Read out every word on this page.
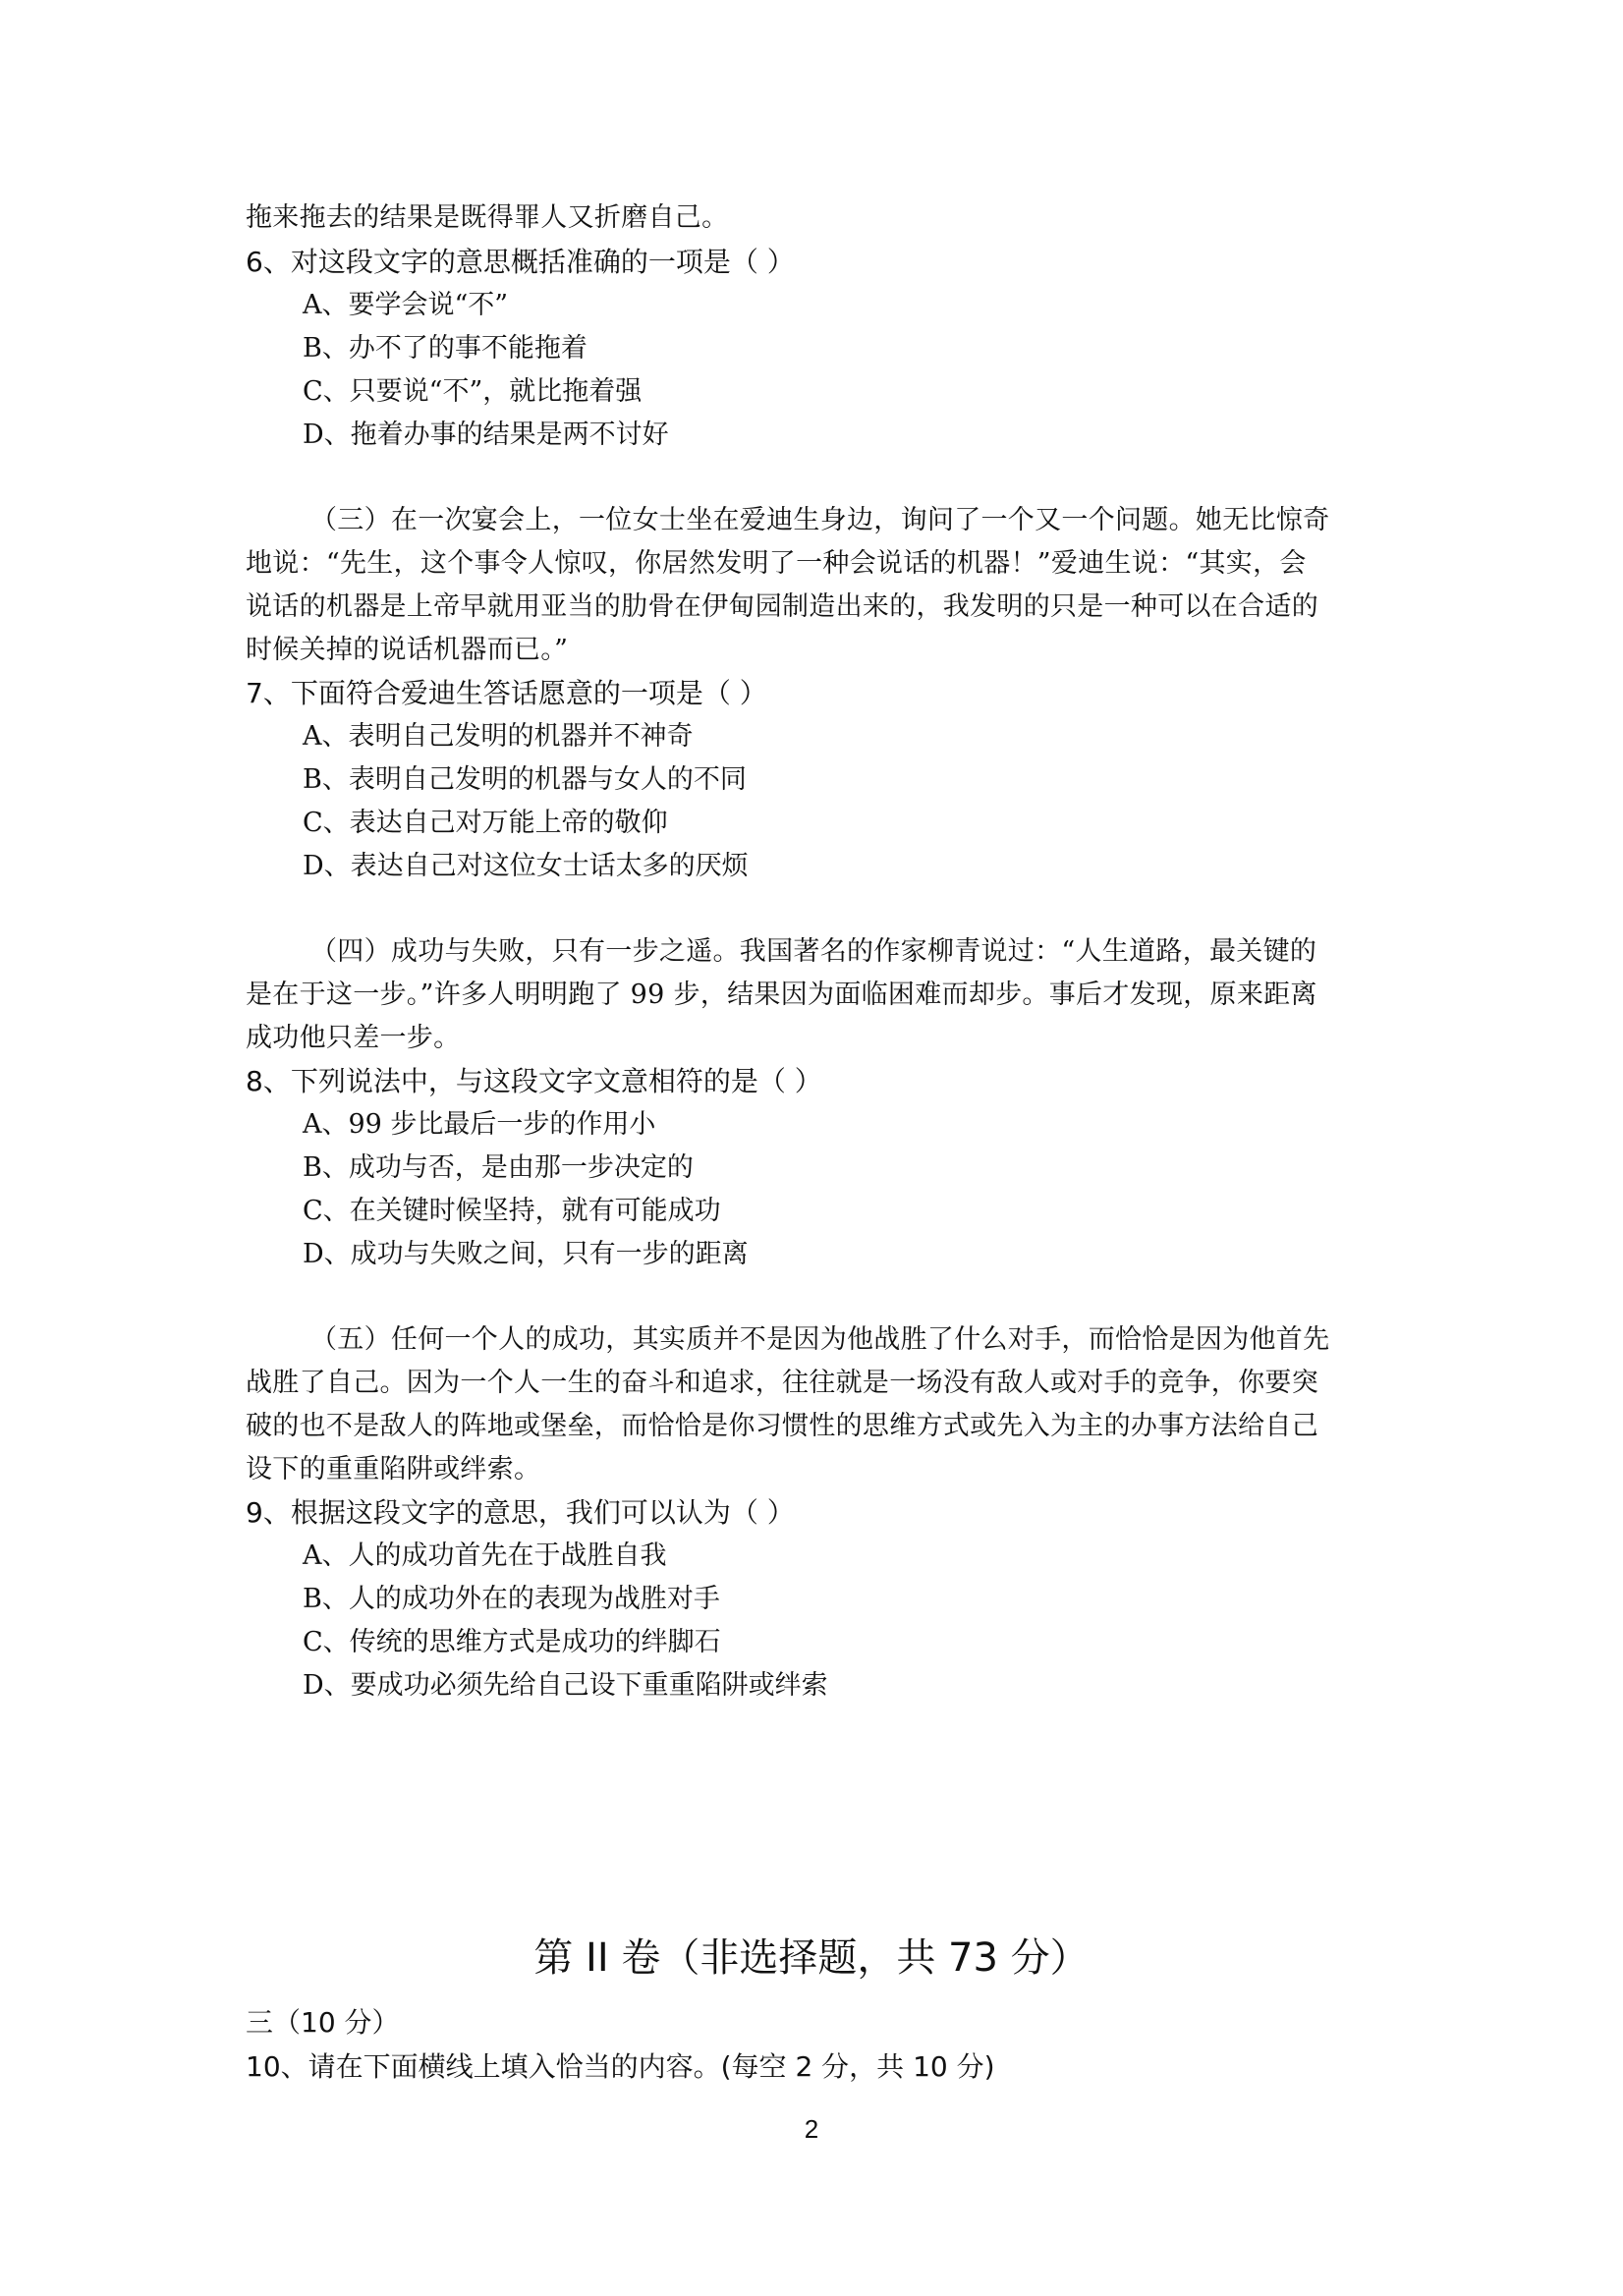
拖来拖去的结果是既得罪人又折磨自己。
6、对这段文字的意思概括准确的一项是（ ）
A、要学会说“不”
B、办不了的事不能拖着
C、只要说“不”，就比拖着强
D、拖着办事的结果是两不讨好
（三）在一次宴会上，一位女士坐在爱迪生身边，询问了一个又一个问题。她无比惊奇
地说：“先生，这个事令人惊叹，你居然发明了一种会说话的机器！”爱迪生说：“其实，会
说话的机器是上帝早就用亚当的肋骨在伊甸园制造出来的，我发明的只是一种可以在合适的
时候关掉的说话机器而已。”
7、下面符合爱迪生答话愿意的一项是（ ）
A、表明自己发明的机器并不神奇
B、表明自己发明的机器与女人的不同
C、表达自己对万能上帝的敬仰
D、表达自己对这位女士话太多的厌烦
（四）成功与失败，只有一步之遥。我国著名的作家柳青说过：“人生道路，最关键的
是在于这一步。”许多人明明跑了 99 步，结果因为面临困难而却步。事后才发现，原来距离
成功他只差一步。
8、下列说法中，与这段文字文意相符的是（ ）
A、99 步比最后一步的作用小
B、成功与否，是由那一步决定的
C、在关键时候坚持，就有可能成功
D、成功与失败之间，只有一步的距离
（五）任何一个人的成功，其实质并不是因为他战胜了什么对手，而恰恰是因为他首先
战胜了自己。因为一个人一生的奋斗和追求，往往就是一场没有敌人或对手的竞争，你要突
破的也不是敌人的阵地或堡垒，而恰恰是你习惯性的思维方式或先入为主的办事方法给自己
设下的重重陷阱或绊索。
9、根据这段文字的意思，我们可以认为（ ）
A、人的成功首先在于战胜自我
B、人的成功外在的表现为战胜对手
C、传统的思维方式是成功的绊脚石
D、要成功必须先给自己设下重重陷阱或绊索
第 II 卷（非选择题，共 73 分）
三（10 分）
10、请在下面横线上填入恰当的内容。(每空 2 分，共 10 分)
2
